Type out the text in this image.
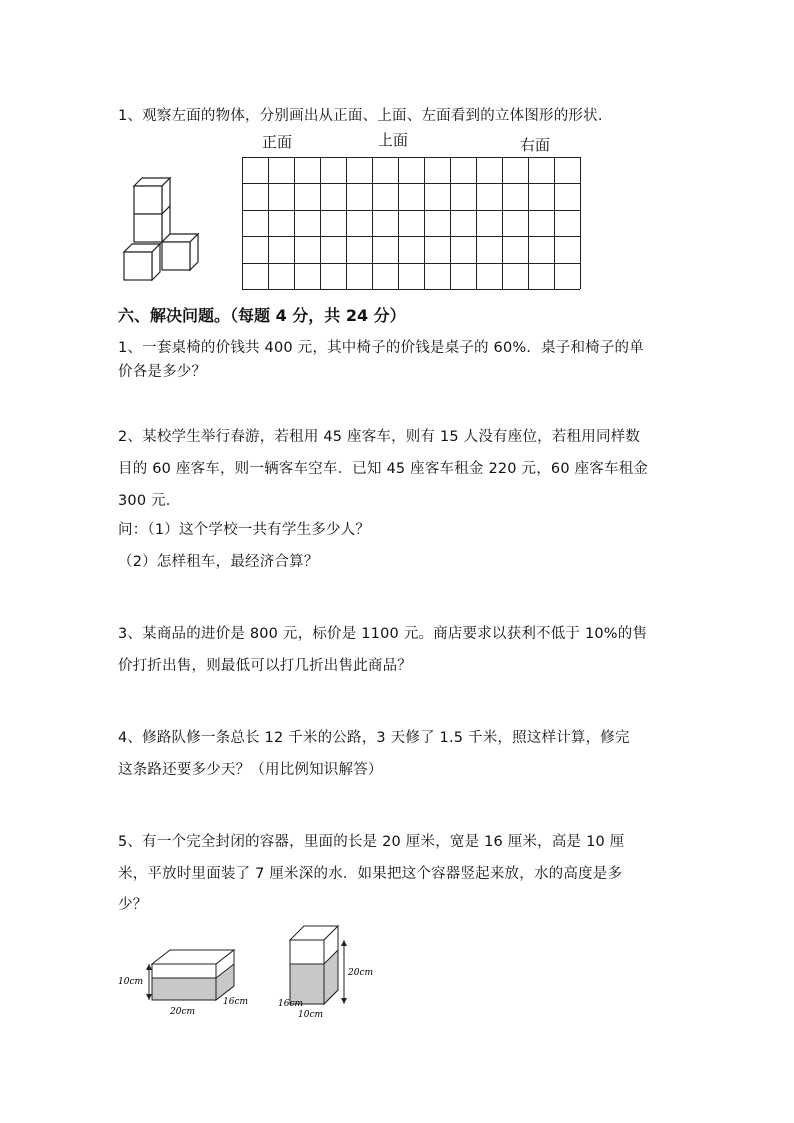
1、观察左面的物体，分别画出从正面、上面、左面看到的立体图形的形状.
正面	上面	右面
六、解决问题。（每题 4 分，共 24 分）
1、一套桌椅的价钱共 400 元，其中椅子的价钱是桌子的 60%．桌子和椅子的单
价各是多少？
2、某校学生举行春游，若租用 45 座客车，则有 15 人没有座位，若租用同样数
目的 60 座客车，则一辆客车空车．已知 45 座客车租金 220 元，60 座客车租金
300 元．
问：（1）这个学校一共有学生多少人？
（2）怎样租车，最经济合算？
3、某商品的进价是 800 元，标价是 1100 元。商店要求以获利不低于 10%的售
价打折出售，则最低可以打几折出售此商品？
4、修路队修一条总长 12 千米的公路，3 天修了 1.5 千米，照这样计算，修完
这条路还要多少天？（用比例知识解答）
5、有一个完全封闭的容器，里面的长是 20 厘米，宽是 16 厘米，高是 10 厘
米，平放时里面装了 7 厘米深的水．如果把这个容器竖起来放，水的高度是多
少？
10cm
20cm
16cm
20cm
16cm
10cm
